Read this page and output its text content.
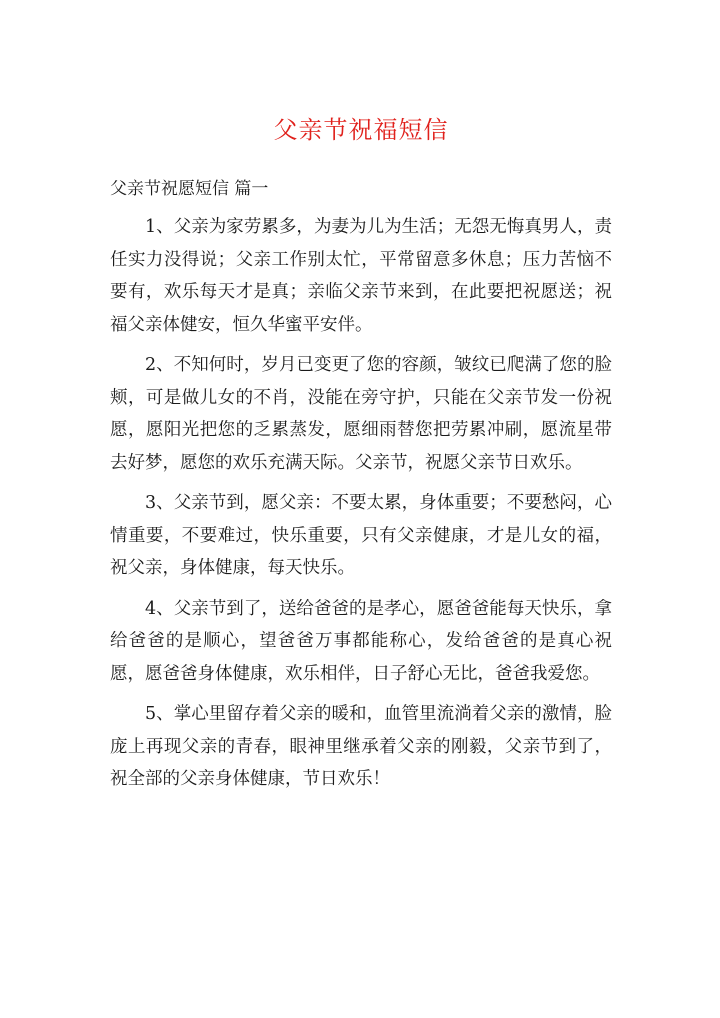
父亲节祝福短信
父亲节祝愿短信 篇一

1、父亲为家劳累多，为妻为儿为生活；无怨无悔真男人，责任实力没得说；父亲工作别太忙，平常留意多休息；压力苦恼不要有，欢乐每天才是真；亲临父亲节来到，在此要把祝愿送；祝福父亲体健安，恒久华蜜平安伴。

2、不知何时，岁月已变更了您的容颜，皱纹已爬满了您的脸颊，可是做儿女的不肖，没能在旁守护，只能在父亲节发一份祝愿，愿阳光把您的乏累蒸发，愿细雨替您把劳累冲刷，愿流星带去好梦，愿您的欢乐充满天际。父亲节，祝愿父亲节日欢乐。

3、父亲节到，愿父亲：不要太累，身体重要；不要愁闷，心情重要，不要难过，快乐重要，只有父亲健康，才是儿女的福，祝父亲，身体健康，每天快乐。

4、父亲节到了，送给爸爸的是孝心，愿爸爸能每天快乐，拿给爸爸的是顺心，望爸爸万事都能称心，发给爸爸的是真心祝愿，愿爸爸身体健康，欢乐相伴，日子舒心无比，爸爸我爱您。

5、掌心里留存着父亲的暖和，血管里流淌着父亲的激情，脸庞上再现父亲的青春，眼神里继承着父亲的刚毅，父亲节到了，祝全部的父亲身体健康，节日欢乐！
